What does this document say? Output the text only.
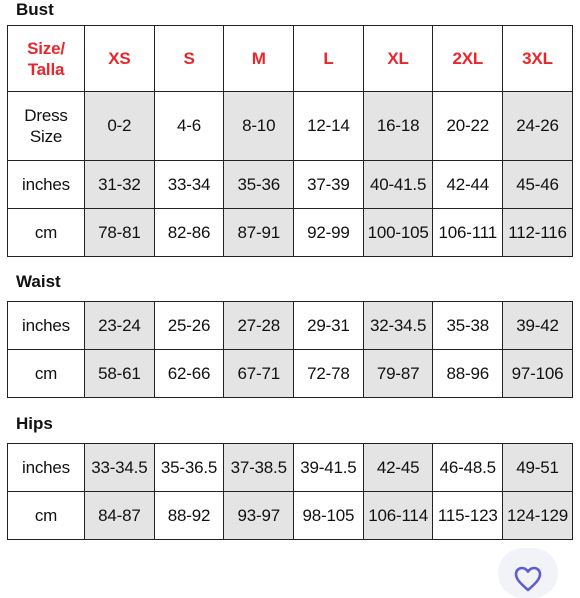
Bust
Size/
Talla	XS	S	M	L	XL	2XL	3XL
Dress
Size	0-2	4-6	8-10	12-14	16-18	20-22	24-26
inches	31-32	33-34	35-36	37-39	40-41.5	42-44	45-46
cm	78-81	82-86	87-91	92-99	100-105	106-111	112-116
Waist
inches	23-24	25-26	27-28	29-31	32-34.5	35-38	39-42
cm	58-61	62-66	67-71	72-78	79-87	88-96	97-106
Hips
inches	33-34.5	35-36.5	37-38.5	39-41.5	42-45	46-48.5	49-51
cm	84-87	88-92	93-97	98-105	106-114	115-123	124-129
